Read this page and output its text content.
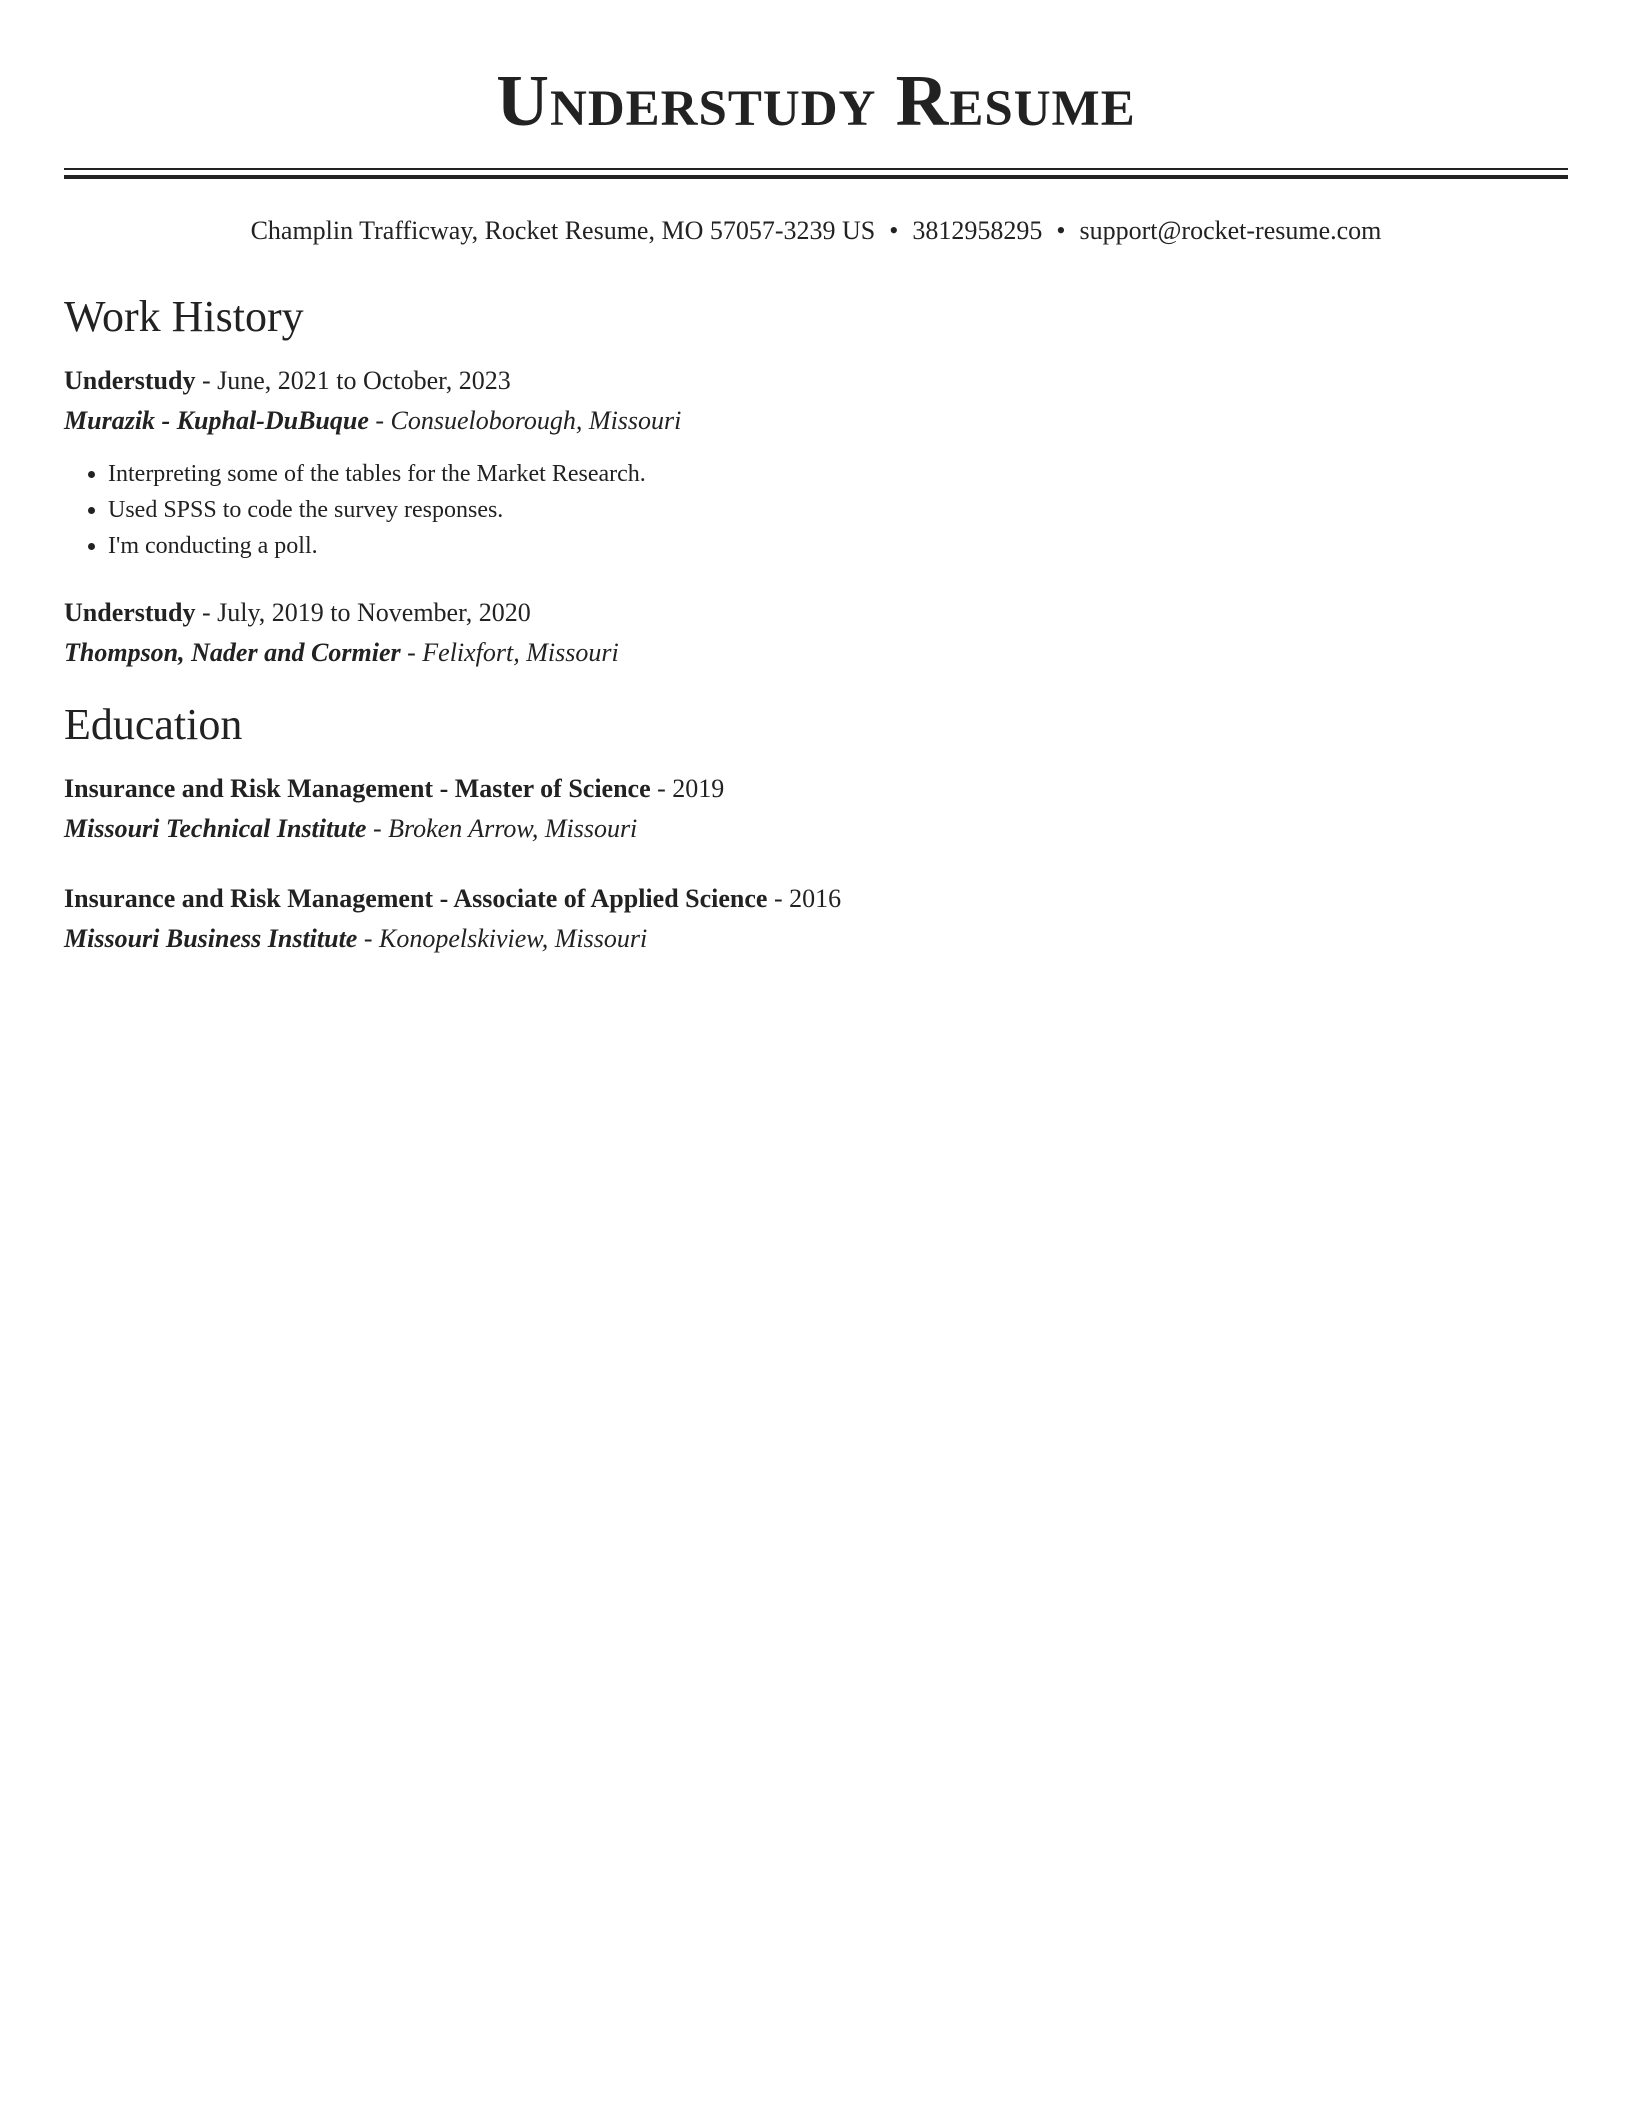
Understudy Resume
Champlin Trafficway, Rocket Resume, MO 57057-3239 US • 3812958295 • support@rocket-resume.com
Work History
Understudy - June, 2021 to October, 2023
Murazik - Kuphal-DuBuque - Consueloborough, Missouri
• Interpreting some of the tables for the Market Research.
• Used SPSS to code the survey responses.
• I'm conducting a poll.
Understudy - July, 2019 to November, 2020
Thompson, Nader and Cormier - Felixfort, Missouri
Education
Insurance and Risk Management - Master of Science - 2019
Missouri Technical Institute - Broken Arrow, Missouri
Insurance and Risk Management - Associate of Applied Science - 2016
Missouri Business Institute - Konopelskiview, Missouri
